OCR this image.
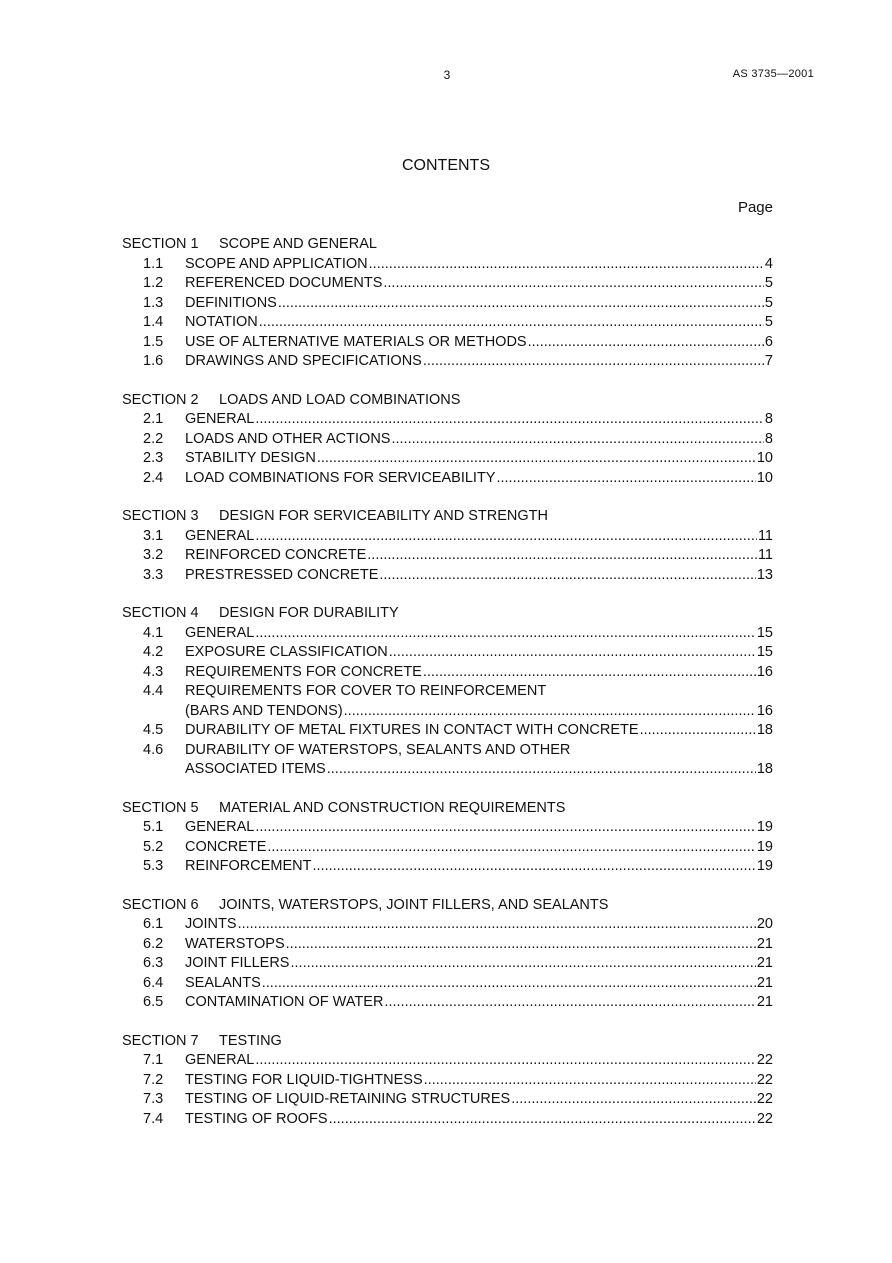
3	AS 3735—2001
CONTENTS
Page
SECTION 1 SCOPE AND GENERAL
1.1	SCOPE AND APPLICATION .....	4
1.2	REFERENCED DOCUMENTS .....	5
1.3	DEFINITIONS .....	5
1.4	NOTATION .....	5
1.5	USE OF ALTERNATIVE MATERIALS OR METHODS .....	6
1.6	DRAWINGS AND SPECIFICATIONS .....	7
SECTION 2 LOADS AND LOAD COMBINATIONS
2.1	GENERAL .....	8
2.2	LOADS AND OTHER ACTIONS .....	8
2.3	STABILITY DESIGN .....	10
2.4	LOAD COMBINATIONS FOR SERVICEABILITY .....	10
SECTION 3 DESIGN FOR SERVICEABILITY AND STRENGTH
3.1	GENERAL .....	11
3.2	REINFORCED CONCRETE .....	11
3.3	PRESTRESSED CONCRETE .....	13
SECTION 4 DESIGN FOR DURABILITY
4.1	GENERAL .....	15
4.2	EXPOSURE CLASSIFICATION .....	15
4.3	REQUIREMENTS FOR CONCRETE .....	16
4.4	REQUIREMENTS FOR COVER TO REINFORCEMENT
(BARS AND TENDONS) .....	16
4.5	DURABILITY OF METAL FIXTURES IN CONTACT WITH CONCRETE .....	18
4.6	DURABILITY OF WATERSTOPS, SEALANTS AND OTHER
ASSOCIATED ITEMS .....	18
SECTION 5 MATERIAL AND CONSTRUCTION REQUIREMENTS
5.1	GENERAL .....	19
5.2	CONCRETE .....	19
5.3	REINFORCEMENT .....	19
SECTION 6 JOINTS, WATERSTOPS, JOINT FILLERS, AND SEALANTS
6.1	JOINTS .....	20
6.2	WATERSTOPS .....	21
6.3	JOINT FILLERS .....	21
6.4	SEALANTS .....	21
6.5	CONTAMINATION OF WATER .....	21
SECTION 7 TESTING
7.1	GENERAL .....	22
7.2	TESTING FOR LIQUID-TIGHTNESS .....	22
7.3	TESTING OF LIQUID-RETAINING STRUCTURES .....	22
7.4	TESTING OF ROOFS .....	22
